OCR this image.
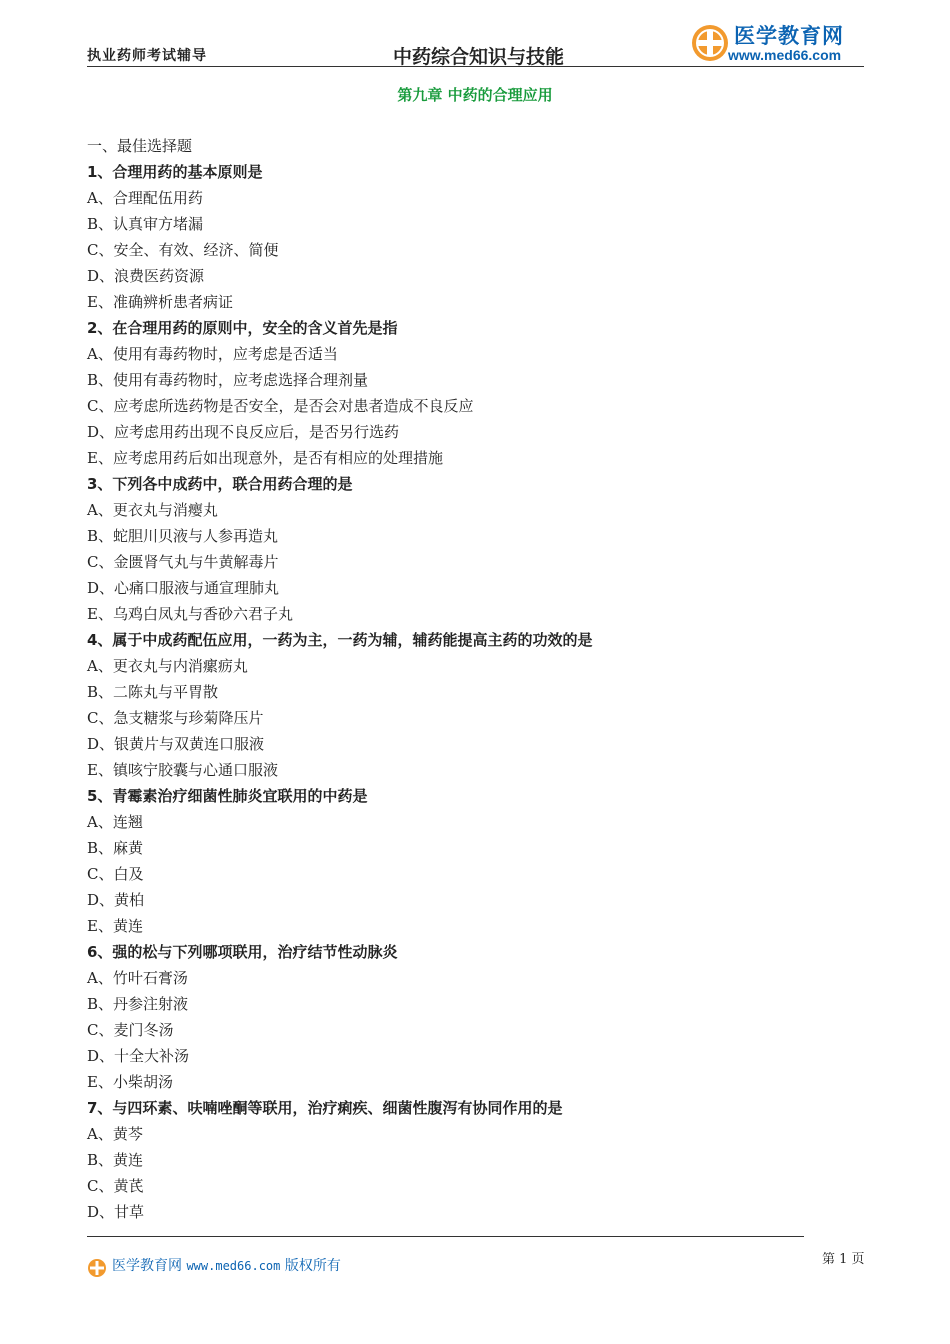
执业药师考试辅导	中药综合知识与技能
医学教育网
www.med66.com
第九章 中药的合理应用
一、最佳选择题
1、合理用药的基本原则是
A、合理配伍用药
B、认真审方堵漏
C、安全、有效、经济、简便
D、浪费医药资源
E、准确辨析患者病证
2、在合理用药的原则中，安全的含义首先是指
A、使用有毒药物时，应考虑是否适当
B、使用有毒药物时，应考虑选择合理剂量
C、应考虑所选药物是否安全，是否会对患者造成不良反应
D、应考虑用药出现不良反应后，是否另行选药
E、应考虑用药后如出现意外，是否有相应的处理措施
3、下列各中成药中，联合用药合理的是
A、更衣丸与消瘿丸
B、蛇胆川贝液与人参再造丸
C、金匮肾气丸与牛黄解毒片
D、心痛口服液与通宣理肺丸
E、乌鸡白凤丸与香砂六君子丸
4、属于中成药配伍应用，一药为主，一药为辅，辅药能提高主药的功效的是
A、更衣丸与内消瘰疬丸
B、二陈丸与平胃散
C、急支糖浆与珍菊降压片
D、银黄片与双黄连口服液
E、镇咳宁胶囊与心通口服液
5、青霉素治疗细菌性肺炎宜联用的中药是
A、连翘
B、麻黄
C、白及
D、黄柏
E、黄连
6、强的松与下列哪项联用，治疗结节性动脉炎
A、竹叶石膏汤
B、丹参注射液
C、麦门冬汤
D、十全大补汤
E、小柴胡汤
7、与四环素、呋喃唑酮等联用，治疗痢疾、细菌性腹泻有协同作用的是
A、黄芩
B、黄连
C、黄芪
D、甘草
医学教育网 www.med66.com 版权所有	第 1 页
